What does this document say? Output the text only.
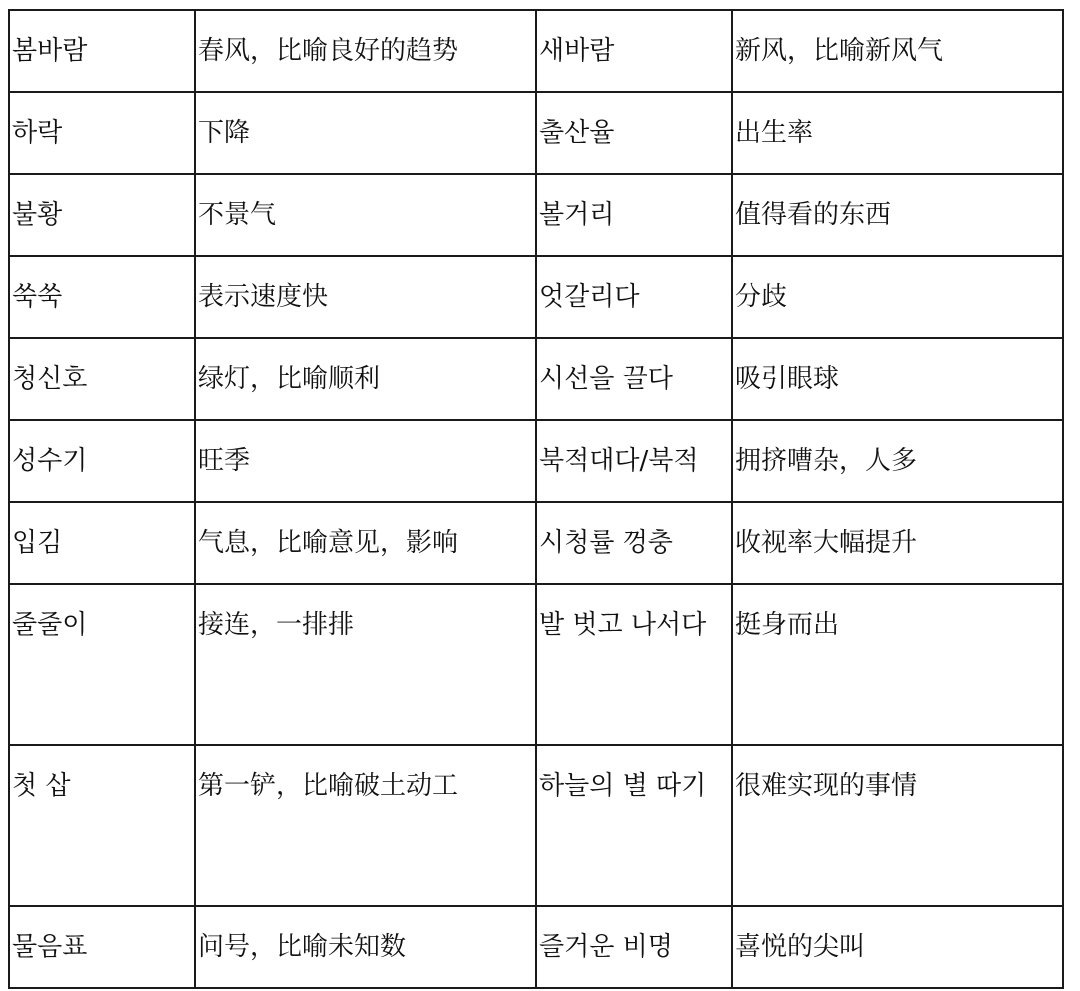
봄바람	春风，比喻良好的趋势	새바람	新风，比喻新风气
하락	下降	출산율	出生率
불황	不景气	볼거리	值得看的东西
쑥쑥	表示速度快	엇갈리다	分歧
청신호	绿灯，比喻顺利	시선을 끌다	吸引眼球
성수기	旺季	북적대다/북적	拥挤嘈杂，人多
입김	气息，比喻意见，影响	시청률 껑충	收视率大幅提升
줄줄이	接连，一排排	발 벗고 나서다	挺身而出
첫 삽	第一铲，比喻破土动工	하늘의 별 따기	很难实现的事情
물음표	问号，比喻未知数	즐거운 비명	喜悦的尖叫
